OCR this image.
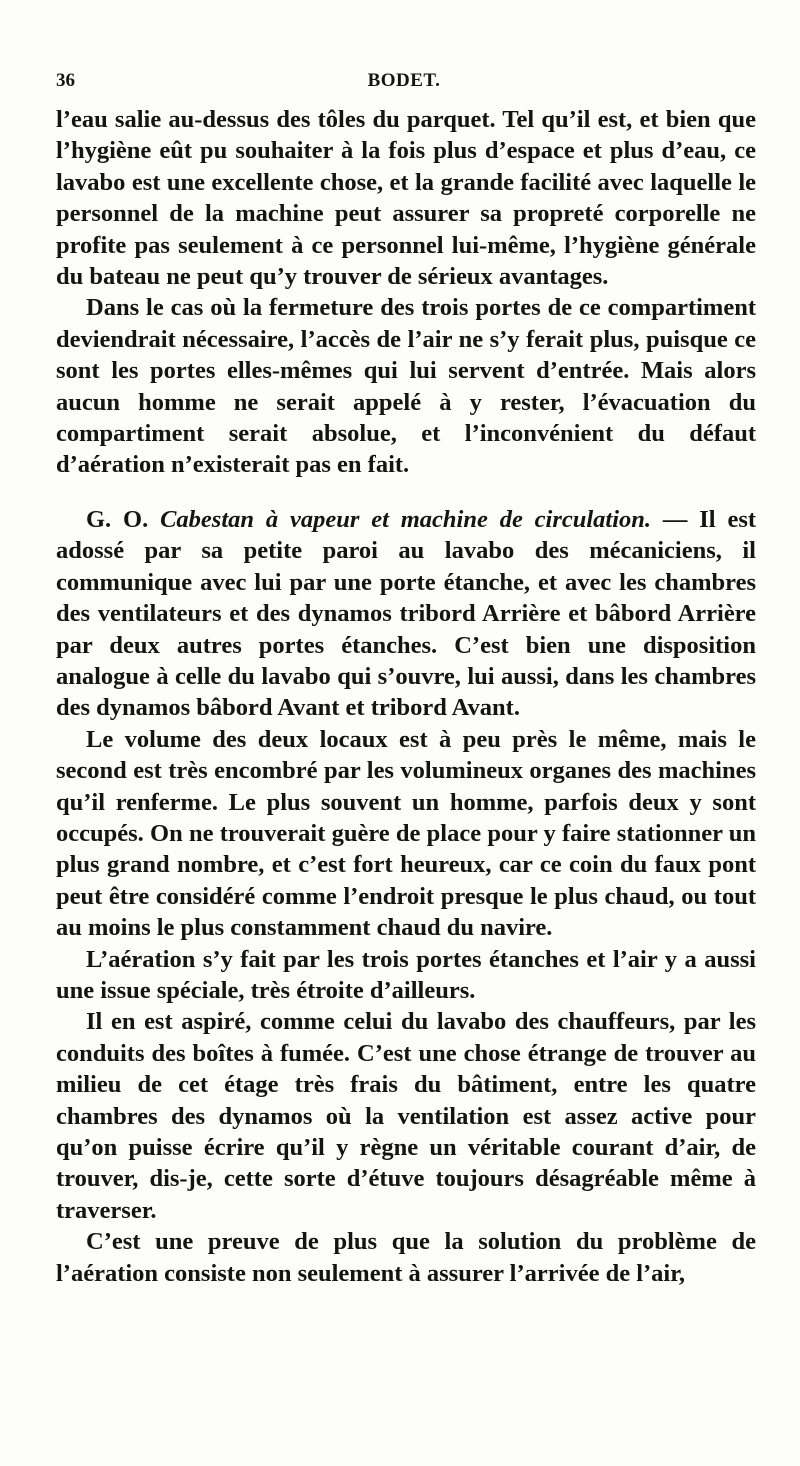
36	BODET.

l’eau salie au-dessus des tôles du parquet. Tel qu’il est, et bien que l’hygiène eût pu souhaiter à la fois plus d’espace et plus d’eau, ce lavabo est une excellente chose, et la grande facilité avec laquelle le personnel de la machine peut assurer sa propreté corporelle ne profite pas seulement à ce personnel lui-même, l’hygiène générale du bateau ne peut qu’y trouver de sérieux avantages.

Dans le cas où la fermeture des trois portes de ce compartiment deviendrait nécessaire, l’accès de l’air ne s’y ferait plus, puisque ce sont les portes elles-mêmes qui lui servent d’entrée. Mais alors aucun homme ne serait appelé à y rester, l’évacuation du compartiment serait absolue, et l’inconvénient du défaut d’aération n’existerait pas en fait.

G. O. Cabestan à vapeur et machine de circulation. — Il est adossé par sa petite paroi au lavabo des mécaniciens, il communique avec lui par une porte étanche, et avec les chambres des ventilateurs et des dynamos tribord Arrière et bâbord Arrière par deux autres portes étanches. C’est bien une disposition analogue à celle du lavabo qui s’ouvre, lui aussi, dans les chambres des dynamos bâbord Avant et tribord Avant.

Le volume des deux locaux est à peu près le même, mais le second est très encombré par les volumineux organes des machines qu’il renferme. Le plus souvent un homme, parfois deux y sont occupés. On ne trouverait guère de place pour y faire stationner un plus grand nombre, et c’est fort heureux, car ce coin du faux pont peut être considéré comme l’endroit presque le plus chaud, ou tout au moins le plus constamment chaud du navire.

L’aération s’y fait par les trois portes étanches et l’air y a aussi une issue spéciale, très étroite d’ailleurs.

Il en est aspiré, comme celui du lavabo des chauffeurs, par les conduits des boîtes à fumée. C’est une chose étrange de trouver au milieu de cet étage très frais du bâtiment, entre les quatre chambres des dynamos où la ventilation est assez active pour qu’on puisse écrire qu’il y règne un véritable courant d’air, de trouver, dis-je, cette sorte d’étuve toujours désagréable même à traverser.

C’est une preuve de plus que la solution du problème de l’aération consiste non seulement à assurer l’arrivée de l’air,
